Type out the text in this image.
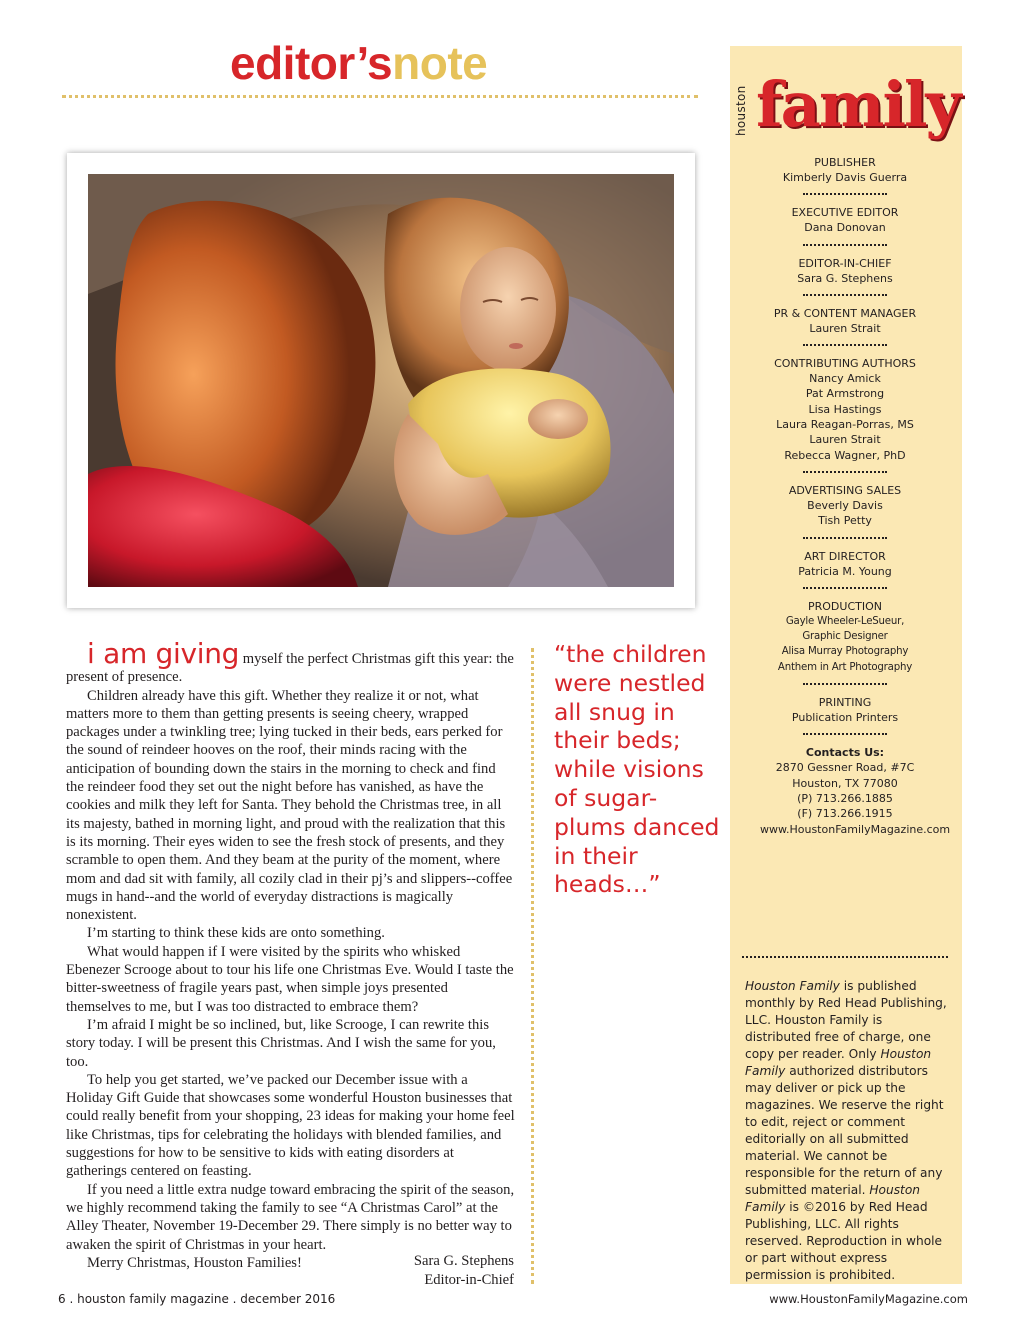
editor’snote

i am giving myself the perfect Christmas gift this year: the present of presence.

Children already have this gift. Whether they realize it or not, what matters more to them than getting presents is seeing cheery, wrapped packages under a twinkling tree; lying tucked in their beds, ears perked for the sound of reindeer hooves on the roof, their minds racing with the anticipation of bounding down the stairs in the morning to check and find the reindeer food they set out the night before has vanished, as have the cookies and milk they left for Santa. They behold the Christmas tree, in all its majesty, bathed in morning light, and proud with the realization that this is its morning. Their eyes widen to see the fresh stock of presents, and they scramble to open them. And they beam at the purity of the moment, where mom and dad sit with family, all cozily clad in their pj’s and slippers--coffee mugs in hand--and the world of everyday distractions is magically nonexistent.

I’m starting to think these kids are onto something.

What would happen if I were visited by the spirits who whisked Ebenezer Scrooge about to tour his life one Christmas Eve. Would I taste the bitter-sweetness of fragile years past, when simple joys presented themselves to me, but I was too distracted to embrace them?

I’m afraid I might be so inclined, but, like Scrooge, I can rewrite this story today. I will be present this Christmas. And I wish the same for you, too.

To help you get started, we’ve packed our December issue with a Holiday Gift Guide that showcases some wonderful Houston businesses that could really benefit from your shopping, 23 ideas for making your home feel like Christmas, tips for celebrating the holidays with blended families, and suggestions for how to be sensitive to kids with eating disorders at gatherings centered on feasting.

If you need a little extra nudge toward embracing the spirit of the season, we highly recommend taking the family to see “A Christmas Carol” at the Alley Theater, November 19-December 29. There simply is no better way to awaken the spirit of Christmas in your heart.

Merry Christmas, Houston Families!	Sara G. Stephens
Editor-in-Chief
“the children were nestled all snug in their beds; while visions of sugar-plums danced in their heads…”
houston family
PUBLISHER
Kimberly Davis Guerra
EXECUTIVE EDITOR
Dana Donovan
EDITOR-IN-CHIEF
Sara G. Stephens
PR & CONTENT MANAGER
Lauren Strait
CONTRIBUTING AUTHORS
Nancy Amick
Pat Armstrong
Lisa Hastings
Laura Reagan-Porras, MS
Lauren Strait
Rebecca Wagner, PhD
ADVERTISING SALES
Beverly Davis
Tish Petty
ART DIRECTOR
Patricia M. Young
PRODUCTION
Gayle Wheeler-LeSueur,
Graphic Designer
Alisa Murray Photography
Anthem in Art Photography
PRINTING
Publication Printers
Contacts Us:
2870 Gessner Road, #7C
Houston, TX 77080
(P) 713.266.1885
(F) 713.266.1915
www.HoustonFamilyMagazine.com
Houston Family is published monthly by Red Head Publishing, LLC. Houston Family is distributed free of charge, one copy per reader. Only Houston Family authorized distributors may deliver or pick up the magazines. We reserve the right to edit, reject or comment editorially on all submitted material. We cannot be responsible for the return of any submitted material. Houston Family is ©2016 by Red Head Publishing, LLC. All rights reserved. Reproduction in whole or part without express permission is prohibited.
6 . houston family magazine . december 2016	www.HoustonFamilyMagazine.com
